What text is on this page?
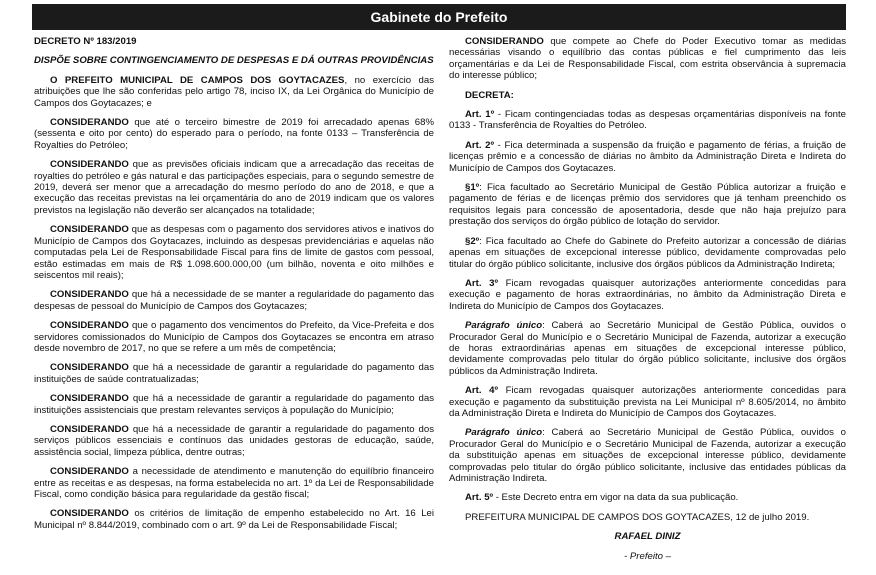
Gabinete do Prefeito

DECRETO Nº 183/2019

DISPÕE SOBRE CONTINGENCIAMENTO DE DESPESAS E DÁ OUTRAS PROVIDÊNCIAS

O PREFEITO MUNICIPAL DE CAMPOS DOS GOYTACAZES, no exercício das atribuições que lhe são conferidas pelo artigo 78, inciso IX, da Lei Orgânica do Município de Campos dos Goytacazes; e

CONSIDERANDO que até o terceiro bimestre de 2019 foi arrecadado apenas 68% (sessenta e oito por cento) do esperado para o período, na fonte 0133 – Transferência de Royalties do Petróleo;

CONSIDERANDO que as previsões oficiais indicam que a arrecadação das receitas de royalties do petróleo e gás natural e das participações especiais, para o segundo semestre de 2019, deverá ser menor que a arrecadação do mesmo período do ano de 2018, e que a execução das receitas previstas na lei orçamentária do ano de 2019 indicam que os valores previstos na legislação não deverão ser alcançados na totalidade;

CONSIDERANDO que as despesas com o pagamento dos servidores ativos e inativos do Município de Campos dos Goytacazes, incluindo as despesas previdenciárias e aquelas não computadas pela Lei de Responsabilidade Fiscal para fins de limite de gastos com pessoal, estão estimadas em mais de R$ 1.098.600.000,00 (um bilhão, noventa e oito milhões e seiscentos mil reais);

CONSIDERANDO que há a necessidade de se manter a regularidade do pagamento das despesas de pessoal do Município de Campos dos Goytacazes;

CONSIDERANDO que o pagamento dos vencimentos do Prefeito, da Vice-Prefeita e dos servidores comissionados do Município de Campos dos Goytacazes se encontra em atraso desde novembro de 2017, no que se refere a um mês de competência;

CONSIDERANDO que há a necessidade de garantir a regularidade do pagamento das instituições de saúde contratualizadas;

CONSIDERANDO que há a necessidade de garantir a regularidade do pagamento das instituições assistenciais que prestam relevantes serviços à população do Município;

CONSIDERANDO que há a necessidade de garantir a regularidade do pagamento dos serviços públicos essenciais e contínuos das unidades gestoras de educação, saúde, assistência social, limpeza pública, dentre outras;

CONSIDERANDO a necessidade de atendimento e manutenção do equilíbrio financeiro entre as receitas e as despesas, na forma estabelecida no art. 1º da Lei de Responsabilidade Fiscal, como condição básica para regularidade da gestão fiscal;

CONSIDERANDO os critérios de limitação de empenho estabelecido no Art. 16 Lei Municipal nº 8.844/2019, combinado com o art. 9º da Lei de Responsabilidade Fiscal;

CONSIDERANDO que compete ao Chefe do Poder Executivo tomar as medidas necessárias visando o equilíbrio das contas públicas e fiel cumprimento das leis orçamentárias e da Lei de Responsabilidade Fiscal, com estrita observância à supremacia do interesse público;

DECRETA:

Art. 1º - Ficam contingenciadas todas as despesas orçamentárias disponíveis na fonte 0133 - Transferência de Royalties do Petróleo.

Art. 2º - Fica determinada a suspensão da fruição e pagamento de férias, a fruição de licenças prêmio e a concessão de diárias no âmbito da Administração Direta e Indireta do Município de Campos dos Goytacazes.

§1º: Fica facultado ao Secretário Municipal de Gestão Pública autorizar a fruição e pagamento de férias e de licenças prêmio dos servidores que já tenham preenchido os requisitos legais para concessão de aposentadoria, desde que não haja prejuízo para prestação dos serviços do órgão público de lotação do servidor.

§2º: Fica facultado ao Chefe do Gabinete do Prefeito autorizar a concessão de diárias apenas em situações de excepcional interesse público, devidamente comprovadas pelo titular do órgão público solicitante, inclusive dos órgãos públicos da Administração Indireta;

Art. 3º Ficam revogadas quaisquer autorizações anteriormente concedidas para execução e pagamento de horas extraordinárias, no âmbito da Administração Direta e Indireta do Município de Campos dos Goytacazes.

Parágrafo único: Caberá ao Secretário Municipal de Gestão Pública, ouvidos o Procurador Geral do Município e o Secretário Municipal de Fazenda, autorizar a execução de horas extraordinárias apenas em situações de excepcional interesse público, devidamente comprovadas pelo titular do órgão público solicitante, inclusive dos órgãos públicos da Administração Indireta.

Art. 4º Ficam revogadas quaisquer autorizações anteriormente concedidas para execução e pagamento da substituição prevista na Lei Municipal nº 8.605/2014, no âmbito da Administração Direta e Indireta do Município de Campos dos Goytacazes.

Parágrafo único: Caberá ao Secretário Municipal de Gestão Pública, ouvidos o Procurador Geral do Município e o Secretário Municipal de Fazenda, autorizar a execução da substituição apenas em situações de excepcional interesse público, devidamente comprovadas pelo titular do órgão público solicitante, inclusive das entidades públicas da Administração Indireta.

Art. 5º - Este Decreto entra em vigor na data da sua publicação.

PREFEITURA MUNICIPAL DE CAMPOS DOS GOYTACAZES, 12 de julho 2019.

RAFAEL DINIZ

- Prefeito –
